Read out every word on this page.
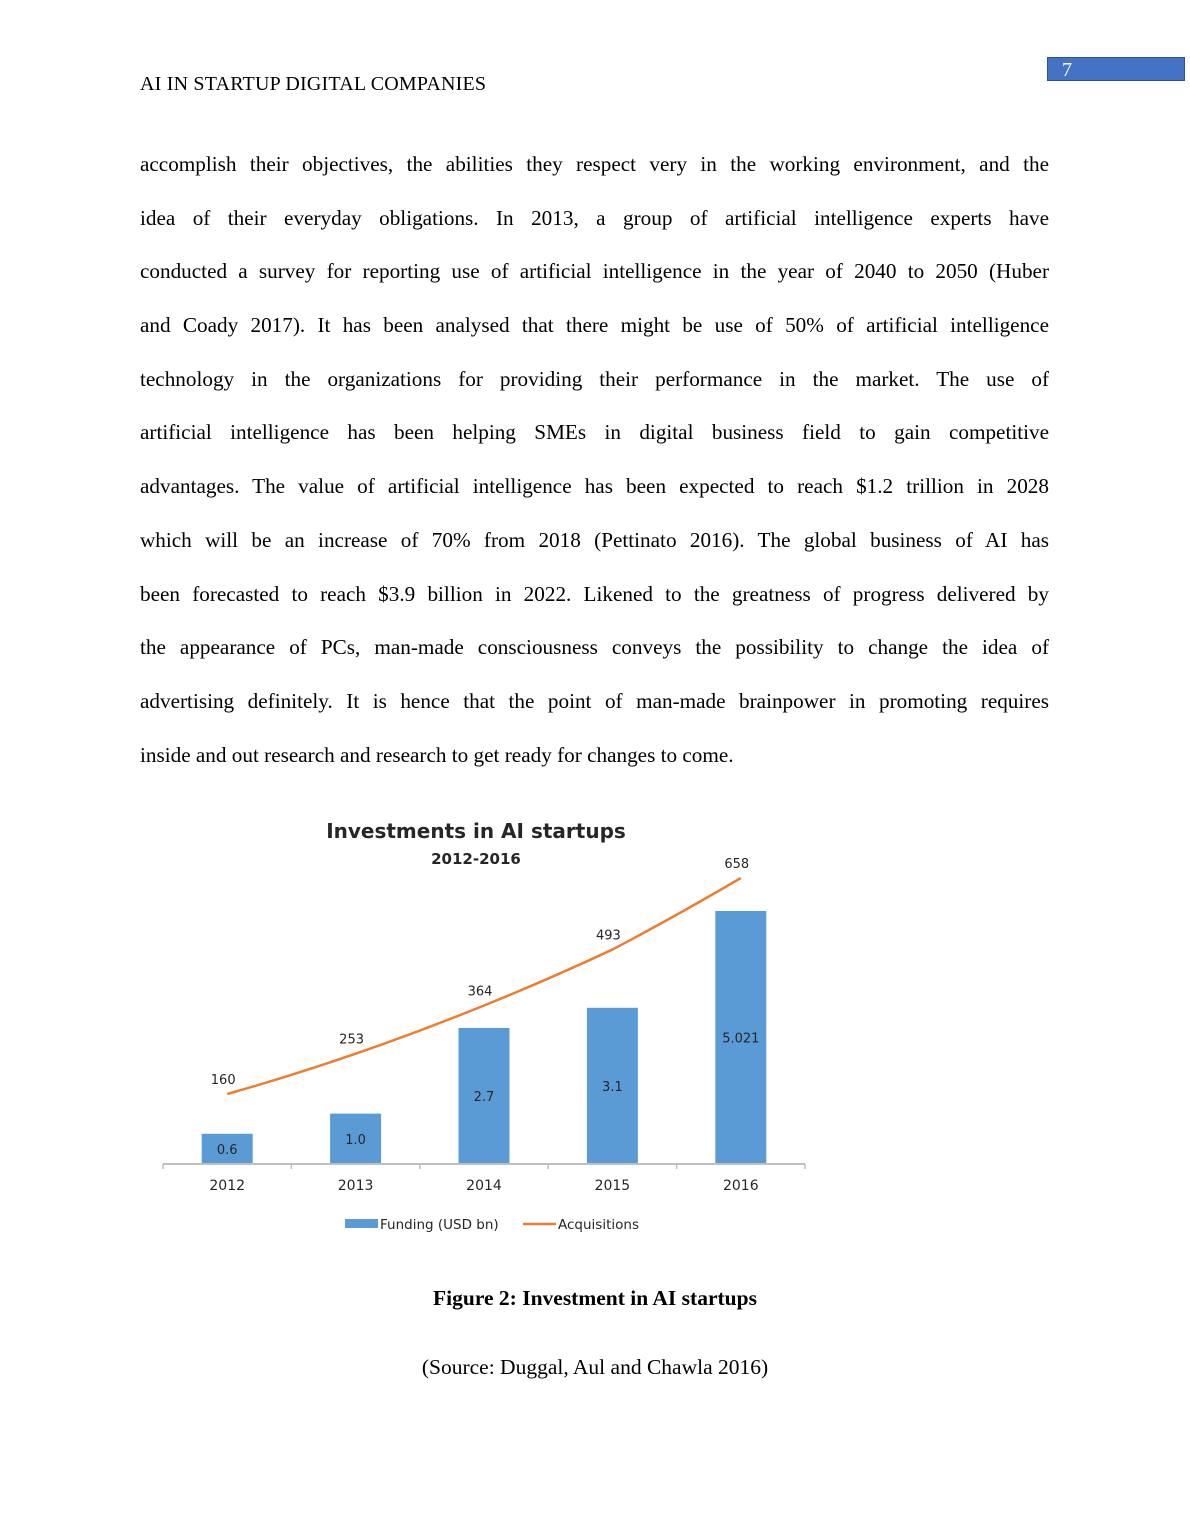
7
AI IN STARTUP DIGITAL COMPANIES
accomplish their objectives, the abilities they respect very in the working environment, and the
idea of their everyday obligations. In 2013, a group of artificial intelligence experts have
conducted a survey for reporting use of artificial intelligence in the year of 2040 to 2050 (Huber
and Coady 2017). It has been analysed that there might be use of 50% of artificial intelligence
technology in the organizations for providing their performance in the market. The use of
artificial intelligence has been helping SMEs in digital business field to gain competitive
advantages. The value of artificial intelligence has been expected to reach $1.2 trillion in 2028
which will be an increase of 70% from 2018 (Pettinato 2016). The global business of AI has
been forecasted to reach $3.9 billion in 2022. Likened to the greatness of progress delivered by
the appearance of PCs, man-made consciousness conveys the possibility to change the idea of
advertising definitely. It is hence that the point of man-made brainpower in promoting requires
inside and out research and research to get ready for changes to come.
Investments in AI startups
2012-2016
0.6
1.0
2.7
3.1
5.021
2012	2013	2014	2015	2016
160
253
364
493
658
Funding (USD bn)	Acquisitions
Figure 2: Investment in AI startups
(Source: Duggal, Aul and Chawla 2016)
